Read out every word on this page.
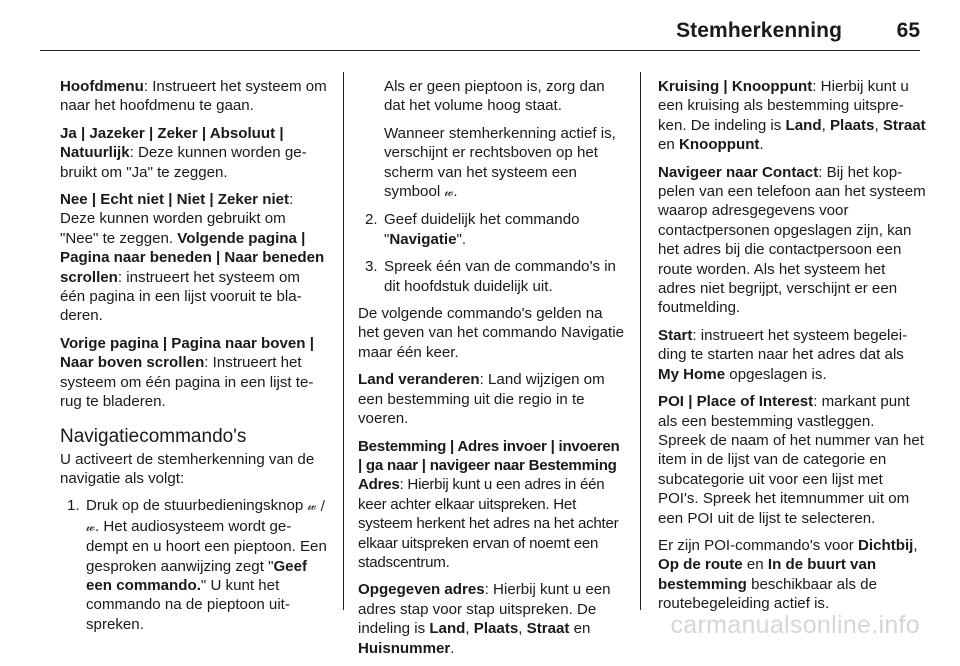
Stemherkenning	65

Hoofdmenu: Instrueert het systeem om naar het hoofdmenu te gaan.

Ja | Jazeker | Zeker | Absoluut | Natuurlijk: Deze kunnen worden gebruikt om "Ja" te zeggen.

Nee | Echt niet | Niet | Zeker niet: Deze kunnen worden gebruikt om "Nee" te zeggen. Volgende pagina | Pagina naar beneden | Naar beneden scrollen: instrueert het systeem om één pagina in een lijst vooruit te bladeren.

Vorige pagina | Pagina naar boven | Naar boven scrollen: Instrueert het systeem om één pagina in een lijst terug te bladeren.

Navigatiecommando's

U activeert de stemherkenning van de navigatie als volgt:

1. Druk op de stuurbedieningsknop 𝓌 / 𝓌. Het audiosysteem wordt gedempt en u hoort een pieptoon. Een gesproken aanwijzing zegt "Geef een commando." U kunt het commando na de pieptoon uitspreken.

Als er geen pieptoon is, zorg dan dat het volume hoog staat.

Wanneer stemherkenning actief is, verschijnt er rechtsboven op het scherm van het systeem een symbool 𝓌.

2. Geef duidelijk het commando "Navigatie".
3. Spreek één van de commando's in dit hoofdstuk duidelijk uit.

De volgende commando's gelden na het geven van het commando Navigatie maar één keer.

Land veranderen: Land wijzigen om een bestemming uit die regio in te voeren.

Bestemming | Adres invoer | invoeren | ga naar | navigeer naar Bestemming Adres: Hierbij kunt u een adres in één keer achter elkaar uitspreken. Het systeem herkent het adres na het achter elkaar uitspreken ervan of noemt een stadscentrum.

Opgegeven adres: Hierbij kunt u een adres stap voor stap uitspreken. De indeling is Land, Plaats, Straat en Huisnummer.

Kruising | Knooppunt: Hierbij kunt u een kruising als bestemming uitspreken. De indeling is Land, Plaats, Straat en Knooppunt.

Navigeer naar Contact: Bij het koppelen van een telefoon aan het systeem waarop adresgegevens voor contactpersonen opgeslagen zijn, kan het adres bij die contactpersoon een route worden. Als het systeem het adres niet begrijpt, verschijnt er een foutmelding.

Start: instrueert het systeem begeleiding te starten naar het adres dat als My Home opgeslagen is.

POI | Place of Interest: markant punt als een bestemming vastleggen. Spreek de naam of het nummer van het item in de lijst van de categorie en subcategorie uit voor een lijst met POI's. Spreek het itemnummer uit om een POI uit de lijst te selecteren.

Er zijn POI-commando's voor Dichtbij, Op de route en In de buurt van bestemming beschikbaar als de routebegeleiding actief is.

carmanualsonline.info
